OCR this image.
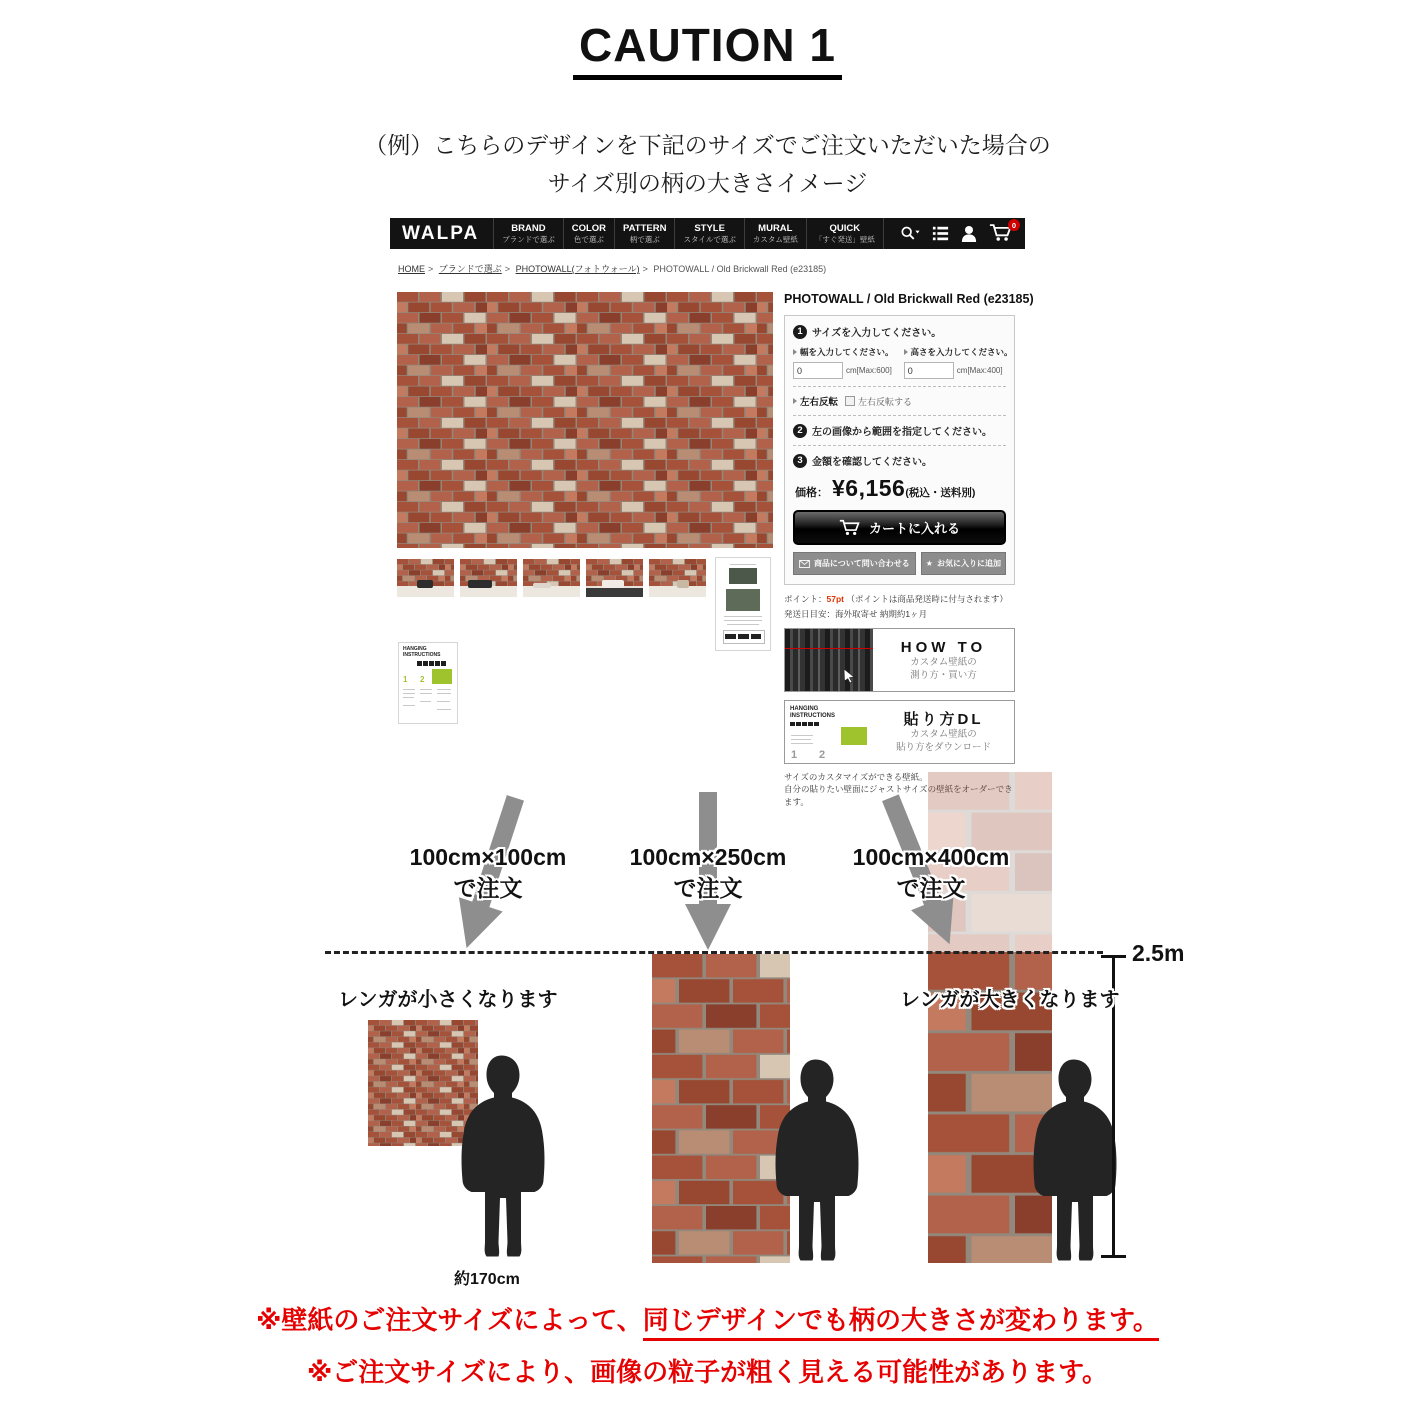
CAUTION 1
（例）こちらのデザインを下記のサイズでご注文いただいた場合の
サイズ別の柄の大きさイメージ
WALPA	BRAND
ブランドで選ぶ
COLOR
色で選ぶ
PATTERN
柄で選ぶ
STYLE
スタイルで選ぶ
MURAL
カスタム壁紙
QUICK
「すぐ発送」壁紙
0
HOME > ブランドで選ぶ > PHOTOWALL(フォトウォール) > PHOTOWALL / Old Brickwall Red (e23185)
PHOTOWALL / Old Brickwall Red (e23185)
1 サイズを入力してください。
幅を入力してください。 高さを入力してください。
0
cm[Max:600]
0	cm[Max:400]
左右反転 左右反転する
2 左の画像から範囲を指定してください。
3 金額を確認してください。
価格： ¥6,156 (税込・送料別)
カートに入れる
商品について問い合わせる ★ お気に入りに追加
ポイント：57pt （ポイントは商品発送時に付与されます）
発送日目安：海外取寄せ 納期約1ヶ月
HOW TO
カスタム壁紙の
測り方・買い方
HANGING
INSTRUCTIONS
1 2
貼り方DL
カスタム壁紙の
貼り方をダウンロード
サイズのカスタマイズができる壁紙。
自分の貼りたい壁面にジャストサイズの壁紙をオーダーできます。
HANGING
INSTRUCTIONS
1 2
100cm×100cm
で注文
100cm×250cm
で注文
100cm×400cm
で注文
2.5m
レンガが小さくなります
約170cm
レンガが大きくなります
※壁紙のご注文サイズによって、同じデザインでも柄の大きさが変わります。
※ご注文サイズにより、画像の粒子が粗く見える可能性があります。
